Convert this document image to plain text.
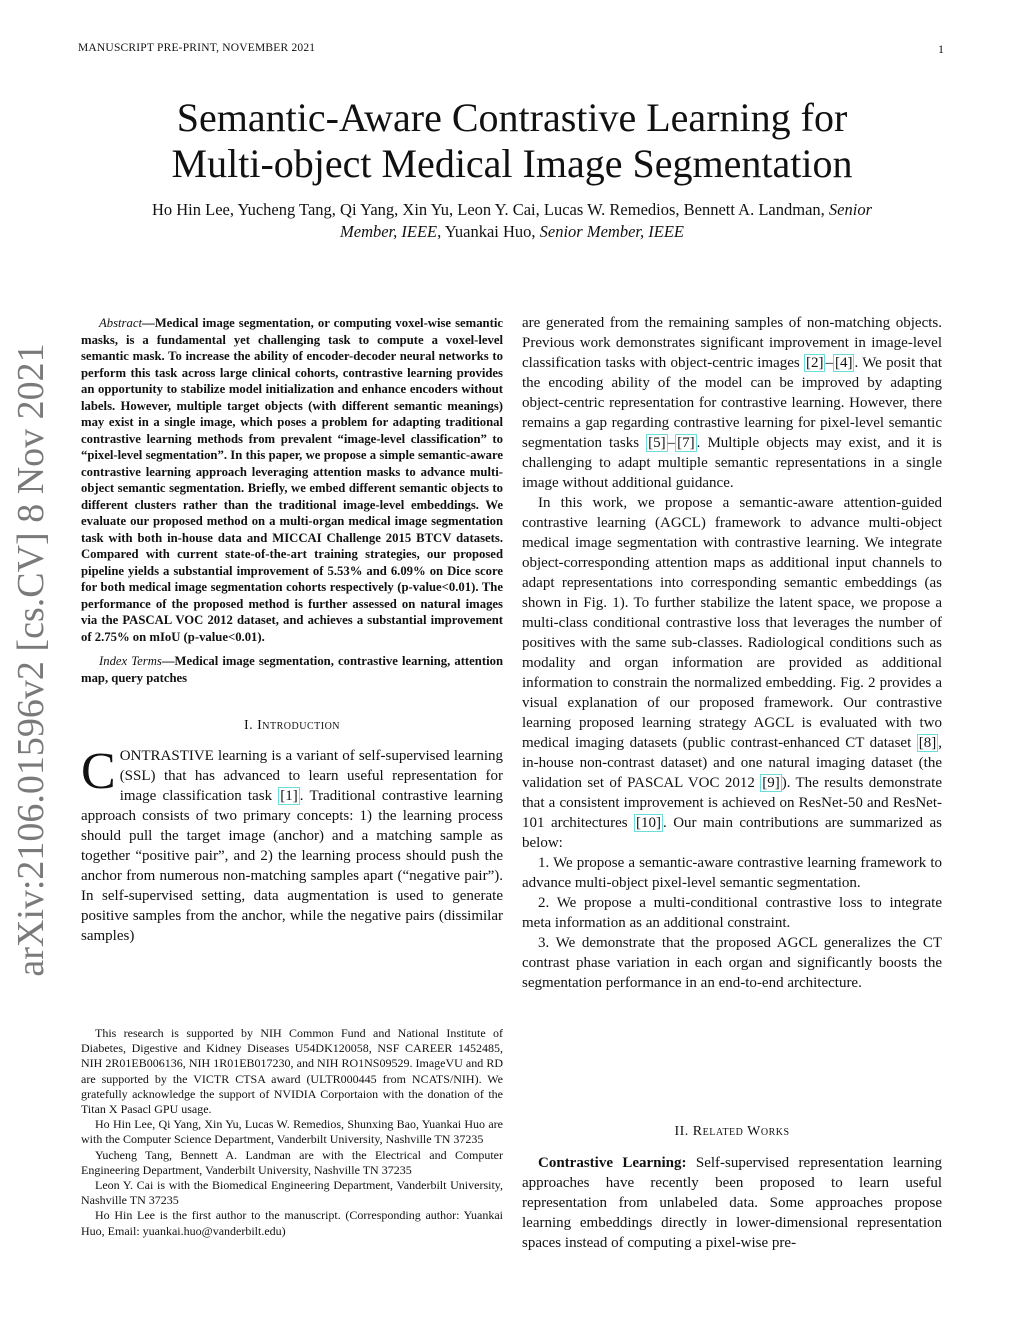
MANUSCRIPT PRE-PRINT, NOVEMBER 2021	1
Semantic-Aware Contrastive Learning for
Multi-object Medical Image Segmentation
Ho Hin Lee, Yucheng Tang, Qi Yang, Xin Yu, Leon Y. Cai, Lucas W. Remedios, Bennett A. Landman, Senior
Member, IEEE, Yuankai Huo, Senior Member, IEEE
arXiv:2106.01596v2 [cs.CV] 8 Nov 2021

Abstract—Medical image segmentation, or computing voxel-wise semantic masks, is a fundamental yet challenging task to compute a voxel-level semantic mask. To increase the ability of encoder-decoder neural networks to perform this task across large clinical cohorts, contrastive learning provides an opportunity to stabilize model initialization and enhance encoders without labels. However, multiple target objects (with different semantic meanings) may exist in a single image, which poses a problem for adapting traditional contrastive learning methods from prevalent “image-level classification” to “pixel-level segmentation”. In this paper, we propose a simple semantic-aware contrastive learning approach leveraging attention masks to advance multi-object semantic segmentation. Briefly, we embed different semantic objects to different clusters rather than the traditional image-level embeddings. We evaluate our proposed method on a multi-organ medical image segmentation task with both in-house data and MICCAI Challenge 2015 BTCV datasets. Compared with current state-of-the-art training strategies, our proposed pipeline yields a substantial improvement of 5.53% and 6.09% on Dice score for both medical image segmentation cohorts respectively (p-value<0.01). The performance of the proposed method is further assessed on natural images via the PASCAL VOC 2012 dataset, and achieves a substantial improvement of 2.75% on mIoU (p-value<0.01).

Index Terms—Medical image segmentation, contrastive learning, attention map, query patches

I. Introduction

CONTRASTIVE learning is a variant of self-supervised learning (SSL) that has advanced to learn useful representation for image classification task [1] . Traditional contrastive learning approach consists of two primary concepts: 1) the learning process should pull the target image (anchor) and a matching sample as together “positive pair”, and 2) the learning process should push the anchor from numerous non-matching samples apart (“negative pair”). In self-supervised setting, data augmentation is used to generate positive samples from the anchor, while the negative pairs (dissimilar samples)

This research is supported by NIH Common Fund and National Institute of Diabetes, Digestive and Kidney Diseases U54DK120058, NSF CAREER 1452485, NIH 2R01EB006136, NIH 1R01EB017230, and NIH RO1NS09529. ImageVU and RD are supported by the VICTR CTSA award (ULTR000445 from NCATS/NIH). We gratefully acknowledge the support of NVIDIA Corportaion with the donation of the Titan X Pasacl GPU usage.

Ho Hin Lee, Qi Yang, Xin Yu, Lucas W. Remedios, Shunxing Bao, Yuankai Huo are with the Computer Science Department, Vanderbilt University, Nashville TN 37235

Yucheng Tang, Bennett A. Landman are with the Electrical and Computer Engineering Department, Vanderbilt University, Nashville TN 37235

Leon Y. Cai is with the Biomedical Engineering Department, Vanderbilt University, Nashville TN 37235

Ho Hin Lee is the first author to the manuscript. (Corresponding author: Yuankai Huo, Email: yuankai.huo@vanderbilt.edu)

are generated from the remaining samples of non-matching objects. Previous work demonstrates significant improvement in image-level classification tasks with object-centric images [2] – [4] . We posit that the encoding ability of the model can be improved by adapting object-centric representation for contrastive learning. However, there remains a gap regarding contrastive learning for pixel-level semantic segmentation tasks [5] – [7] . Multiple objects may exist, and it is challenging to adapt multiple semantic representations in a single image without additional guidance.

In this work, we propose a semantic-aware attention-guided contrastive learning (AGCL) framework to advance multi-object medical image segmentation with contrastive learning. We integrate object-corresponding attention maps as additional input channels to adapt representations into corresponding semantic embeddings (as shown in Fig. 1). To further stabilize the latent space, we propose a multi-class conditional contrastive loss that leverages the number of positives with the same sub-classes. Radiological conditions such as modality and organ information are provided as additional information to constrain the normalized embedding. Fig. 2 provides a visual explanation of our proposed framework. Our contrastive learning proposed learning strategy AGCL is evaluated with two medical imaging datasets (public contrast-enhanced CT dataset [8] , in-house non-contrast dataset) and one natural imaging dataset (the validation set of PASCAL VOC 2012 [9] ). The results demonstrate that a consistent improvement is achieved on ResNet-50 and ResNet-101 architectures [10] . Our main contributions are summarized as below:

1. We propose a semantic-aware contrastive learning framework to advance multi-object pixel-level semantic segmentation.

2. We propose a multi-conditional contrastive loss to integrate meta information as an additional constraint.

3. We demonstrate that the proposed AGCL generalizes the CT contrast phase variation in each organ and significantly boosts the segmentation performance in an end-to-end architecture.

II. Related Works

Contrastive Learning: Self-supervised representation learning approaches have recently been proposed to learn useful representation from unlabeled data. Some approaches propose learning embeddings directly in lower-dimensional representation spaces instead of computing a pixel-wise pre-
